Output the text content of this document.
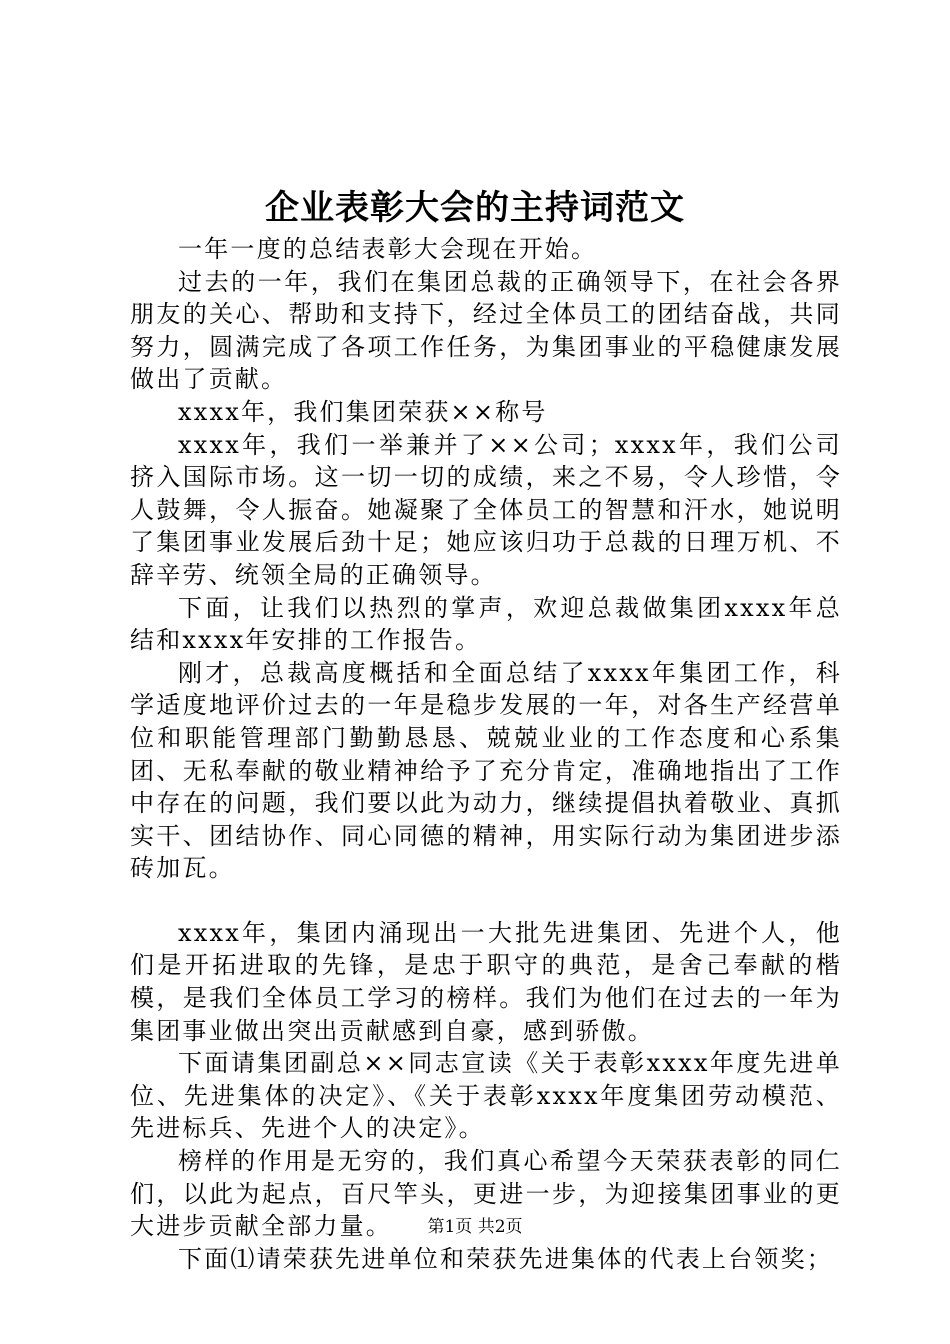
企业表彰大会的主持词范文

一年一度的总结表彰大会现在开始。

过去的一年，我们在集团总裁的正确领导下，在社会各界朋友的关心、帮助和支持下，经过全体员工的团结奋战，共同努力，圆满完成了各项工作任务，为集团事业的平稳健康发展做出了贡献。

xxxx年，我们集团荣获××称号

xxxx年，我们一举兼并了××公司；xxxx年，我们公司挤入国际市场。这一切一切的成绩，来之不易，令人珍惜，令人鼓舞，令人振奋。她凝聚了全体员工的智慧和汗水，她说明了集团事业发展后劲十足；她应该归功于总裁的日理万机、不辞辛劳、统领全局的正确领导。

下面，让我们以热烈的掌声，欢迎总裁做集团xxxx年总结和xxxx年安排的工作报告。

刚才，总裁高度概括和全面总结了xxxx年集团工作，科学适度地评价过去的一年是稳步发展的一年，对各生产经营单位和职能管理部门勤勤恳恳、兢兢业业的工作态度和心系集团、无私奉献的敬业精神给予了充分肯定，准确地指出了工作中存在的问题，我们要以此为动力，继续提倡执着敬业、真抓实干、团结协作、同心同德的精神，用实际行动为集团进步添砖加瓦。

xxxx年，集团内涌现出一大批先进集团、先进个人，他们是开拓进取的先锋，是忠于职守的典范，是舍己奉献的楷模，是我们全体员工学习的榜样。我们为他们在过去的一年为集团事业做出突出贡献感到自豪，感到骄傲。

下面请集团副总××同志宣读《关于表彰xxxx年度先进单位、先进集体的决定》、《关于表彰xxxx年度集团劳动模范、先进标兵、先进个人的决定》。

榜样的作用是无穷的，我们真心希望今天荣获表彰的同仁们，以此为起点，百尺竿头，更进一步，为迎接集团事业的更大进步贡献全部力量。

下面⑴请荣获先进单位和荣获先进集体的代表上台领奖；

第1页 共2页
